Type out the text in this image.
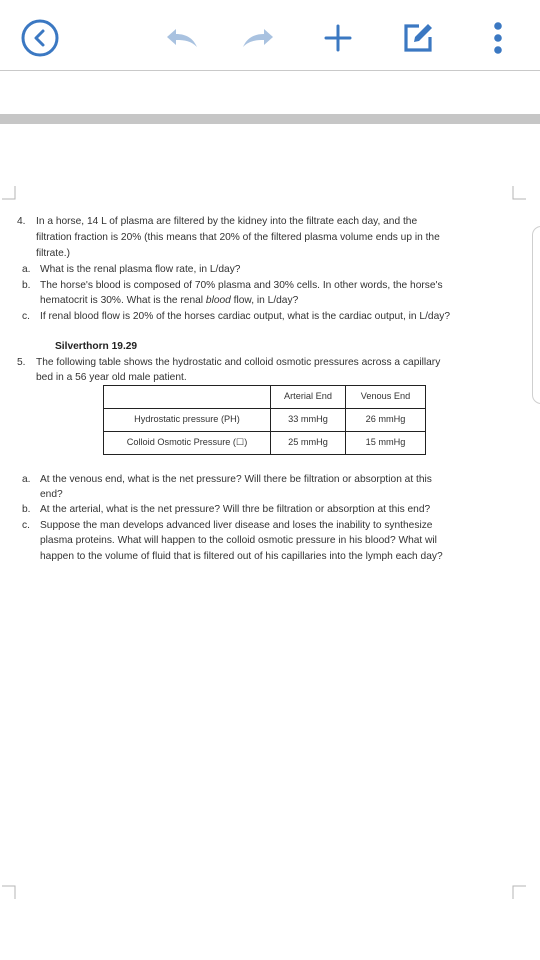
4. In a horse, 14 L of plasma are filtered by the kidney into the filtrate each day, and the
filtration fraction is 20% (this means that 20% of the filtered plasma volume ends up in the
filtrate.)
a. What is the renal plasma flow rate, in L/day?
b. The horse's blood is composed of 70% plasma and 30% cells. In other words, the horse's
hematocrit is 30%. What is the renal blood flow, in L/day?
c. If renal blood flow is 20% of the horses cardiac output, what is the cardiac output, in L/day?
Silverthorn 19.29
5. The following table shows the hydrostatic and colloid osmotic pressures across a capillary
bed in a 56 year old male patient.
	Arterial End	Venous End
Hydrostatic pressure (PH)	33 mmHg	26 mmHg
Colloid Osmotic Pressure (☐)	25 mmHg	15 mmHg
a. At the venous end, what is the net pressure? Will there be filtration or absorption at this
end?
b. At the arterial, what is the net pressure? Will thre be filtration or absorption at this end?
c. Suppose the man develops advanced liver disease and loses the inability to synthesize
plasma proteins. What will happen to the colloid osmotic pressure in his blood? What wil
happen to the volume of fluid that is filtered out of his capillaries into the lymph each day?
